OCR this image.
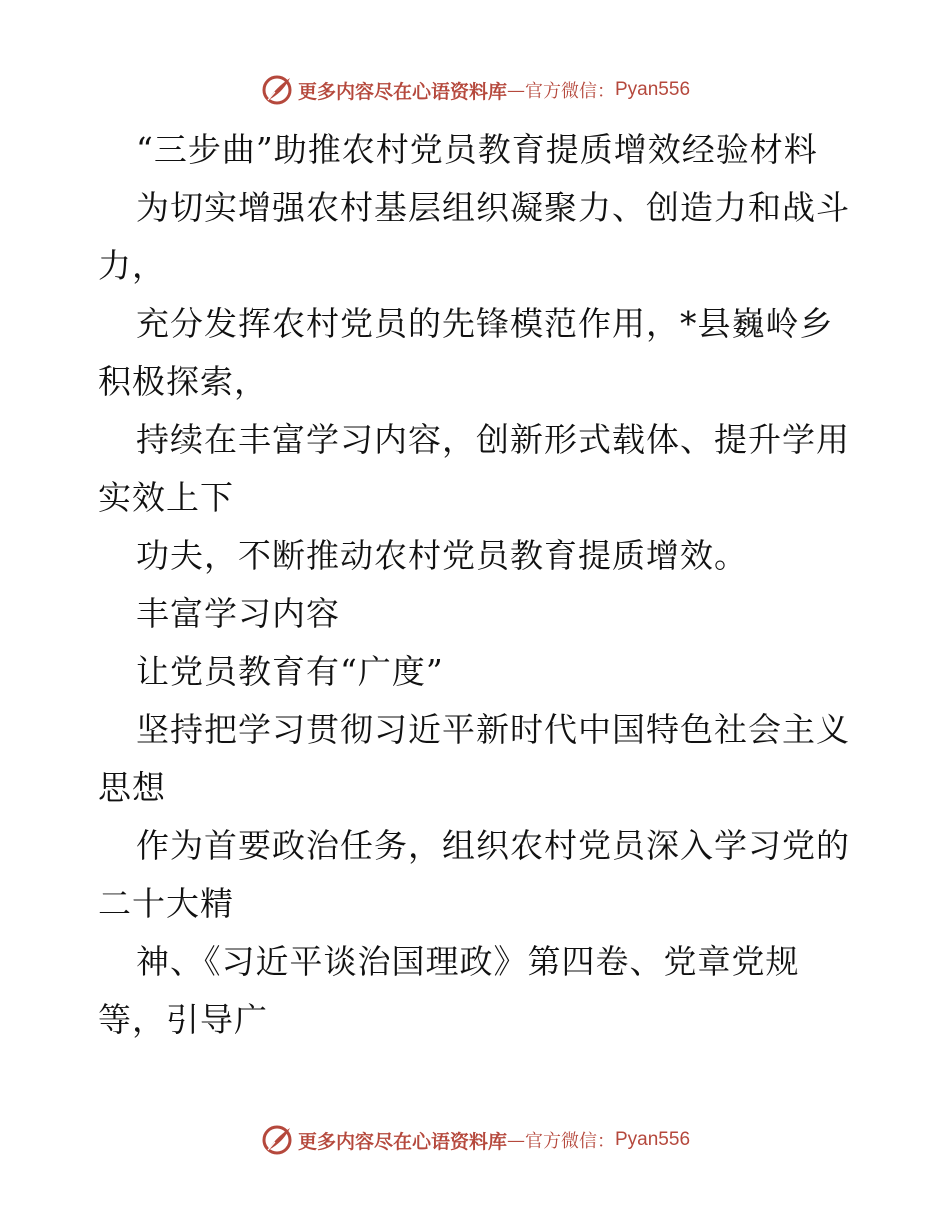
更多内容尽在心语资料库 — 官方微信： Pyan556
“三步曲”助推农村党员教育提质增效经验材料
为切实增强农村基层组织凝聚力、创造力和战斗
力，
充分发挥农村党员的先锋模范作用，*县巍岭乡
积极探索，
持续在丰富学习内容，创新形式载体、提升学用
实效上下
功夫，不断推动农村党员教育提质增效。
丰富学习内容
让党员教育有“广度”
坚持把学习贯彻习近平新时代中国特色社会主义
思想
作为首要政治任务，组织农村党员深入学习党的
二十大精
神、《习近平谈治国理政》第四卷、党章党规
等，引导广
更多内容尽在心语资料库 — 官方微信： Pyan556
